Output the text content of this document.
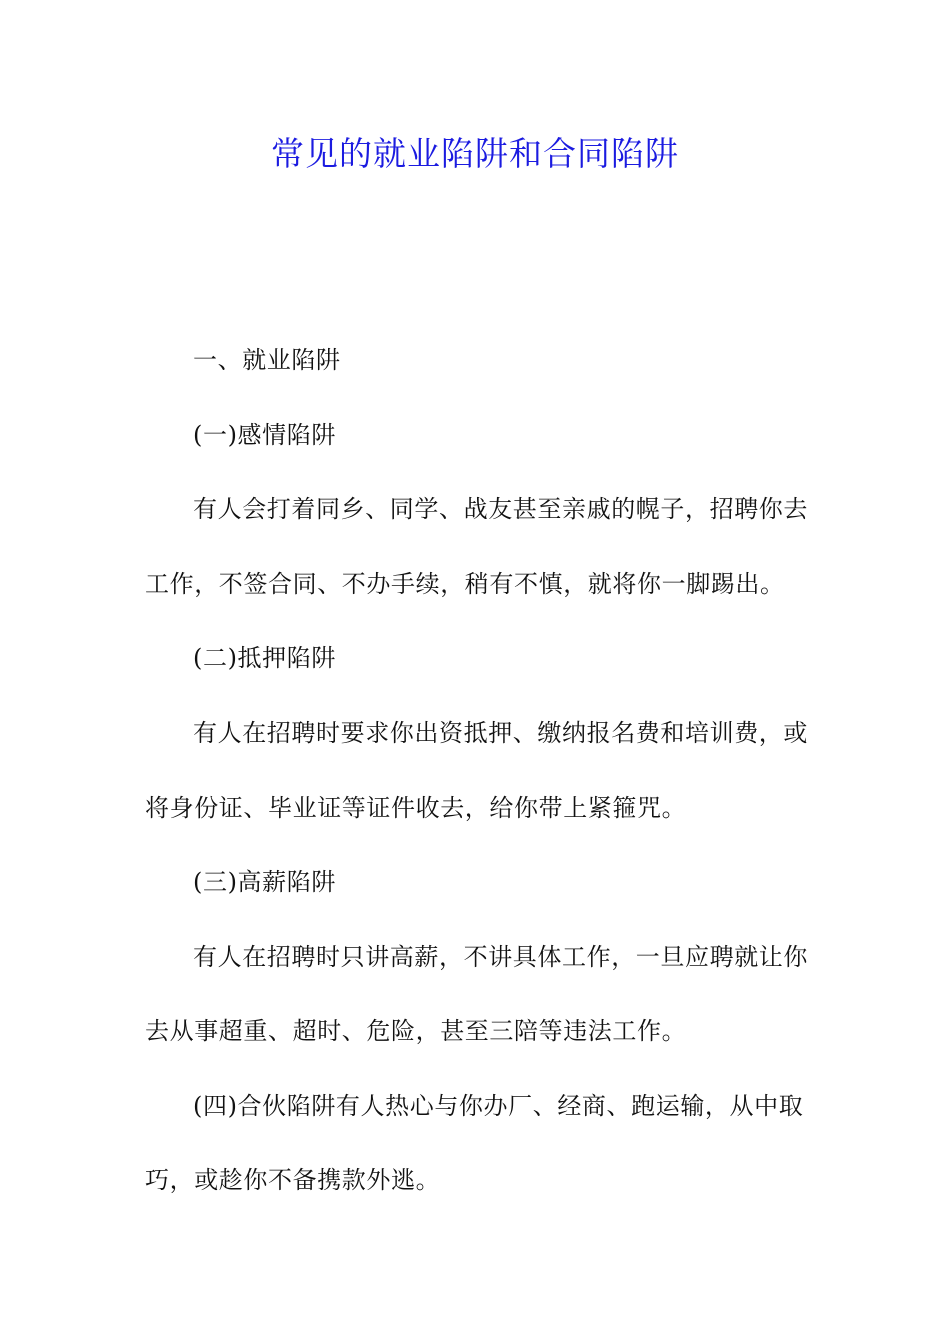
常见的就业陷阱和合同陷阱
一、就业陷阱
(一)感情陷阱
有人会打着同乡、同学、战友甚至亲戚的幌子，招聘你去
工作，不签合同、不办手续，稍有不慎，就将你一脚踢出。
(二)抵押陷阱
有人在招聘时要求你出资抵押、缴纳报名费和培训费，或
将身份证、毕业证等证件收去，给你带上紧箍咒。
(三)高薪陷阱
有人在招聘时只讲高薪，不讲具体工作，一旦应聘就让你
去从事超重、超时、危险，甚至三陪等违法工作。
(四)合伙陷阱有人热心与你办厂、经商、跑运输，从中取
巧，或趁你不备携款外逃。
